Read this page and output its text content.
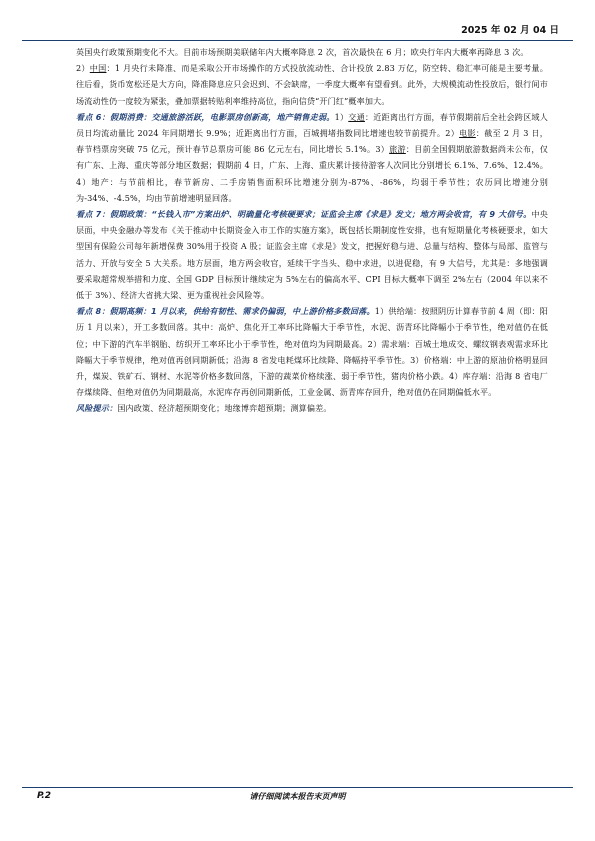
2025 年 02 月 04 日

英国央行政策预期变化不大。目前市场预期美联储年内大概率降息 2 次，首次最快在 6 月；欧央行年内大概率再降息 3 次。

2）中国：1 月央行未降准、而是采取公开市场操作的方式投放流动性、合计投放 2.83 万亿，防空转、稳汇率可能是主要考量。往后看，货币宽松还是大方向，降准降息应只会迟到、不会缺席，一季度大概率有望看到。此外，大规模流动性投放后，银行间市场流动性仍一度较为紧张，叠加票据转贴利率维持高位，指向信贷“开门红”概率加大。

看点 6：假期消费：交通旅游活跃，电影票房创新高，地产销售走弱。1）交通：近距离出行方面，春节假期前后全社会跨区域人员日均流动量比 2024 年同期增长 9.9%；近距离出行方面，百城拥堵指数同比增速也较节前提升。2）电影：截至 2 月 3 日，春节档票房突破 75 亿元，预计春节总票房可能 86 亿元左右，同比增长 5.1%。3）旅游：目前全国假期旅游数据尚未公布，仅有广东、上海、重庆等部分地区数据；假期前 4 日，广东、上海、重庆累计接待游客人次同比分别增长 6.1%、7.6%、12.4%。4）地产：与节前相比，春节新房、二手房销售面积环比增速分别为-87%、-86%，均弱于季节性；农历同比增速分别为-34%、-4.5%，均由节前增速明显回落。

看点 7：假期政策：“长钱入市”方案出炉、明确量化考核硬要求；证监会主席《求是》发文；地方两会收官，有 9 大信号。中央层面，中央金融办等发布《关于推动中长期资金入市工作的实施方案》，既包括长期制度性安排，也有短期量化考核硬要求，如大型国有保险公司每年新增保费 30%用于投资 A 股；证监会主席《求是》发文，把握好稳与进、总量与结构、整体与局部、监管与活力、开放与安全 5 大关系。地方层面，地方两会收官，延续干字当头、稳中求进，以进促稳，有 9 大信号，尤其是：多地强调要采取超常规举措和力度、全国 GDP 目标预计继续定为 5%左右的偏高水平、CPI 目标大概率下调至 2%左右（2004 年以来不低于 3%）、经济大省挑大梁、更为重视社会风险等。

看点 8：假期高频：1 月以来，供给有韧性、需求仍偏弱，中上游价格多数回落。1）供给端：按照阴历计算春节前 4 周（即：阳历 1 月以来），开工多数回落。其中：高炉、焦化开工率环比降幅大于季节性，水泥、沥青环比降幅小于季节性，绝对值仍在低位；中下游的汽车半钢胎、纺织开工率环比小于季节性，绝对值均为同期最高。2）需求端：百城土地成交、螺纹钢表观需求环比降幅大于季节规律，绝对值再创同期新低；沿海 8 省发电耗煤环比续降、降幅持平季节性。3）价格端：中上游的原油价格明显回升，煤炭、铁矿石、钢材、水泥等价格多数回落，下游的蔬菜价格续涨、弱于季节性，猪肉价格小跌。4）库存端：沿海 8 省电厂存煤续降、但绝对值仍为同期最高，水泥库存再创同期新低，工业金属、沥青库存回升，绝对值仍在同期偏低水平。

风险提示：国内政策、经济超预期变化；地缘博弈超预期；测算偏差。

P.2	请仔细阅读本报告末页声明
